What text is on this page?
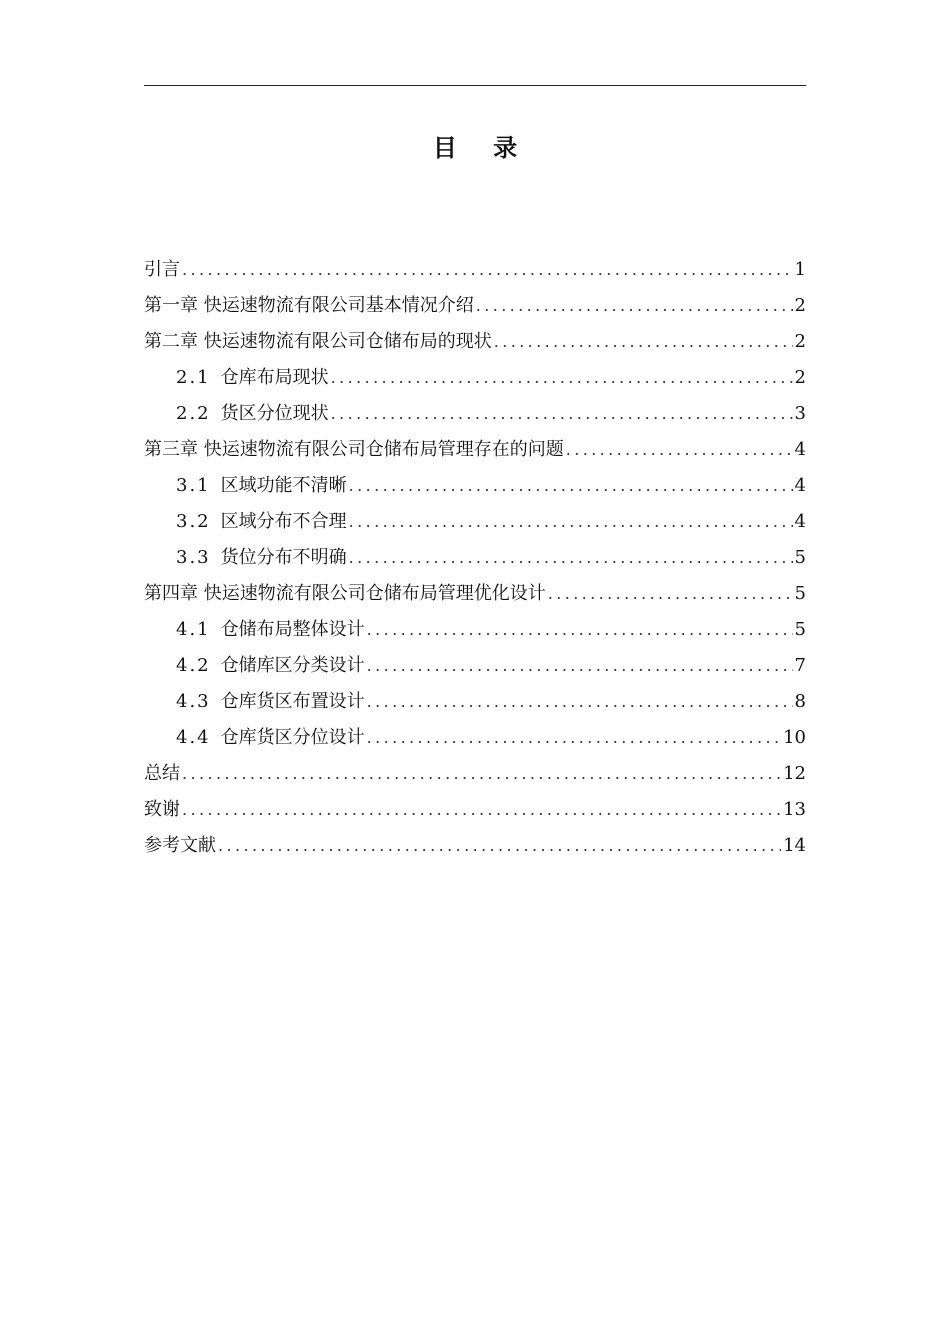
目 录
引言 .....	1
第一章 快运速物流有限公司基本情况介绍 .....	2
第二章 快运速物流有限公司仓储布局的现状 .....	2
2.1 仓库布局现状 .....	2
2.2 货区分位现状 .....	3
第三章 快运速物流有限公司仓储布局管理存在的问题 .....	4
3.1 区域功能不清晰 .....	4
3.2 区域分布不合理 .....	4
3.3 货位分布不明确 .....	5
第四章 快运速物流有限公司仓储布局管理优化设计 .....	5
4.1 仓储布局整体设计 .....	5
4.2 仓储库区分类设计 .....	7
4.3 仓库货区布置设计 .....	8
4.4 仓库货区分位设计 .....	10
总结 .....	12
致谢 .....	13
参考文献 .....	14
